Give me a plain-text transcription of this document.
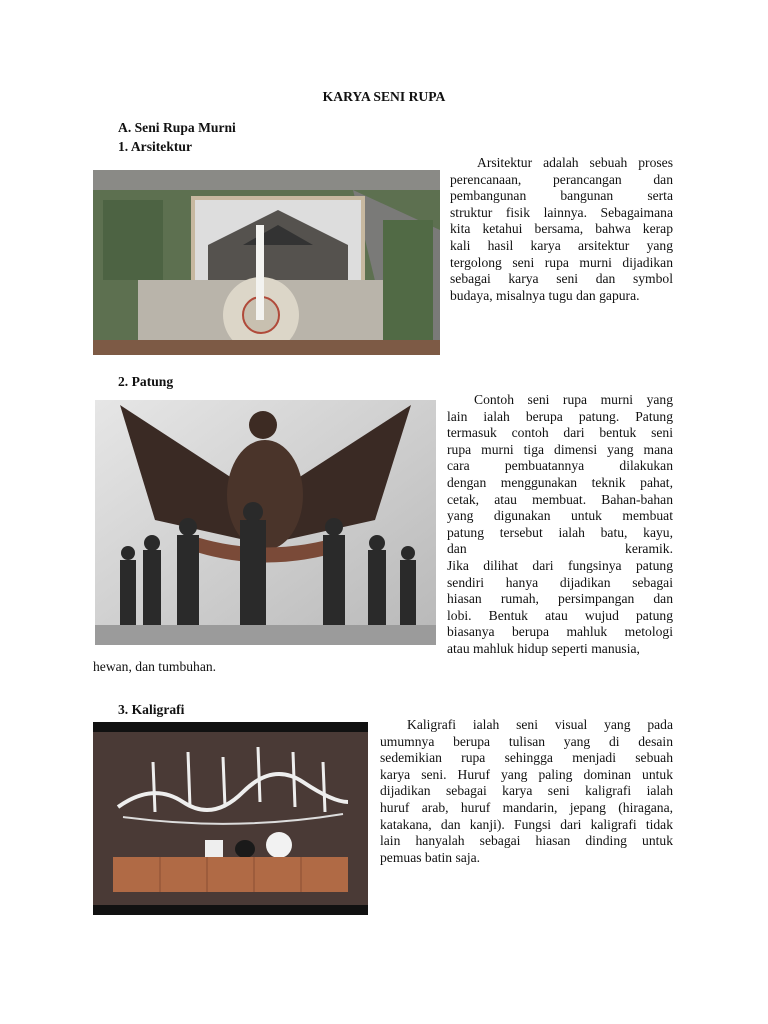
KARYA SENI RUPA
A. Seni Rupa Murni
1. Arsitektur
Arsitektur adalah sebuah proses
perencanaan, perancangan dan
pembangunan bangunan serta
struktur fisik lainnya. Sebagaimana
kita ketahui bersama, bahwa kerap
kali hasil karya arsitektur yang
tergolong seni rupa murni dijadikan
sebagai karya seni dan symbol
budaya, misalnya tugu dan gapura.
2. Patung
Contoh seni rupa murni yang
lain ialah berupa patung. Patung
termasuk contoh dari bentuk seni
rupa murni tiga dimensi yang mana
cara pembuatannya dilakukan
dengan menggunakan teknik pahat,
cetak, atau membuat. Bahan-bahan
yang digunakan untuk membuat
patung tersebut ialah batu, kayu,
dan keramik.
Jika dilihat dari fungsinya patung
sendiri hanya dijadikan sebagai
hiasan rumah, persimpangan dan
lobi. Bentuk atau wujud patung
biasanya berupa mahluk metologi
atau mahluk hidup seperti manusia,
hewan, dan tumbuhan.
3. Kaligrafi
Kaligrafi ialah seni visual yang pada
umumnya berupa tulisan yang di desain
sedemikian rupa sehingga menjadi sebuah
karya seni. Huruf yang paling dominan untuk
dijadikan sebagai karya seni kaligrafi ialah
huruf arab, huruf mandarin, jepang (hiragana,
katakana, dan kanji). Fungsi dari kaligrafi tidak
lain hanyalah sebagai hiasan dinding untuk
pemuas batin saja.
